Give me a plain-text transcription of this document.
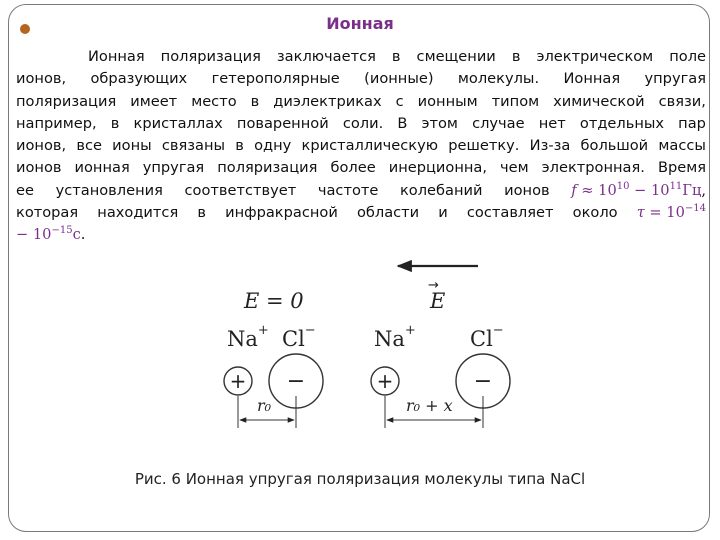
Ионная
Ионная поляризация заключается в смещении в электрическом поле
ионов, образующих гетерополярные (ионные) молекулы. Ионная упругая
поляризация имеет место в диэлектриках с ионным типом химической связи,
например, в кристаллах поваренной соли. В этом случае нет отдельных пар
ионов, все ионы связаны в одну кристаллическую решетку. Из-за большой массы
ионов ионная упругая поляризация более инерционна, чем электронная. Время
ее установления соответствует частоте колебаний ионов $f \approx 10^{10} - 10^{11}Гц$,
которая находится в инфракрасной области и составляет около $\tau = 10^{-14}$
− $10^{-15}с$.
E = 0
Na+ Cl−
+ −
r₀
E
→
Na+	Cl−
+	−
r₀ + x
Рис. 6 Ионная упругая поляризация молекулы типа NaCl
